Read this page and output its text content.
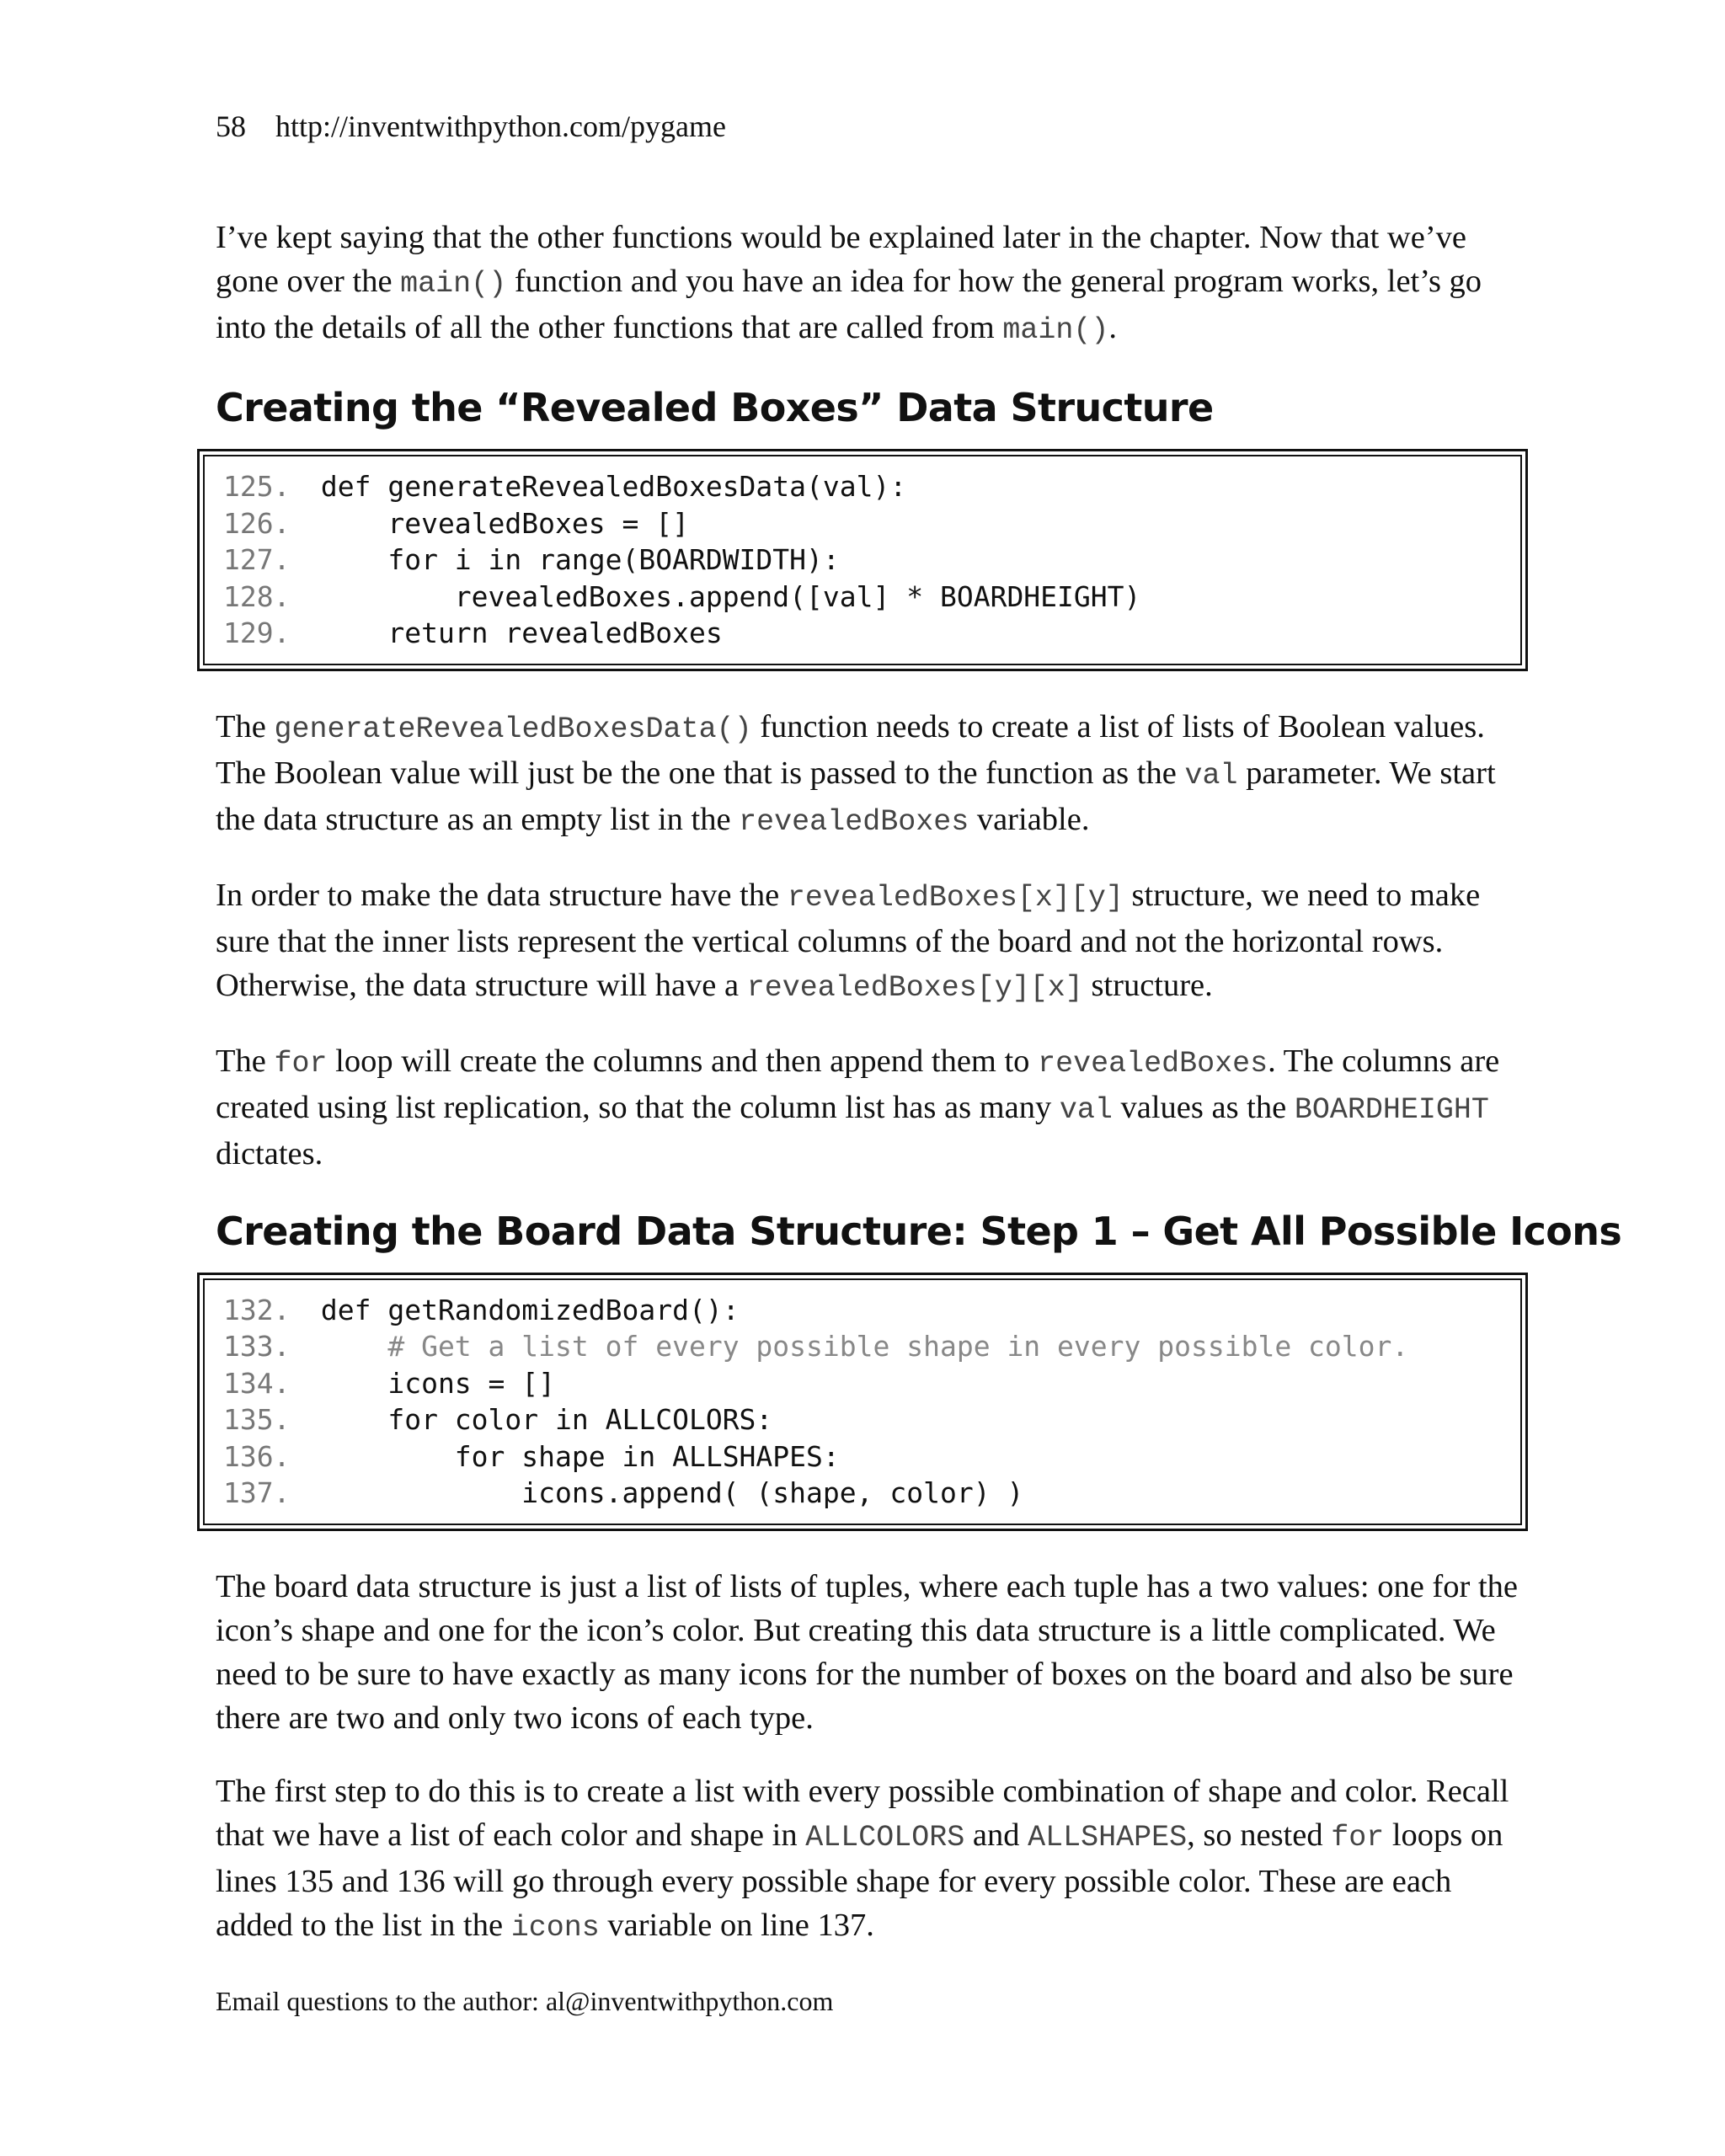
58 http://inventwithpython.com/pygame

I’ve kept saying that the other functions would be explained later in the chapter. Now that we’ve gone over the main() function and you have an idea for how the general program works, let’s go into the details of all the other functions that are called from main().

Creating the “Revealed Boxes” Data Structure
125. def generateRevealedBoxesData(val):
126.     revealedBoxes = []
127.     for i in range(BOARDWIDTH):
128.         revealedBoxes.append([val] * BOARDHEIGHT)
129.     return revealedBoxes

The generateRevealedBoxesData() function needs to create a list of lists of Boolean values. The Boolean value will just be the one that is passed to the function as the val parameter. We start the data structure as an empty list in the revealedBoxes variable.

In order to make the data structure have the revealedBoxes[x][y] structure, we need to make sure that the inner lists represent the vertical columns of the board and not the horizontal rows. Otherwise, the data structure will have a revealedBoxes[y][x] structure.

The for loop will create the columns and then append them to revealedBoxes. The columns are created using list replication, so that the column list has as many val values as the BOARDHEIGHT dictates.

Creating the Board Data Structure: Step 1 – Get All Possible Icons
132. def getRandomizedBoard():
133.     # Get a list of every possible shape in every possible color.
134.     icons = []
135.     for color in ALLCOLORS:
136.         for shape in ALLSHAPES:
137.             icons.append( (shape, color) )

The board data structure is just a list of lists of tuples, where each tuple has a two values: one for the icon’s shape and one for the icon’s color. But creating this data structure is a little complicated. We need to be sure to have exactly as many icons for the number of boxes on the board and also be sure there are two and only two icons of each type.

The first step to do this is to create a list with every possible combination of shape and color. Recall that we have a list of each color and shape in ALLCOLORS and ALLSHAPES, so nested for loops on lines 135 and 136 will go through every possible shape for every possible color. These are each added to the list in the icons variable on line 137.

Email questions to the author: al@inventwithpython.com
